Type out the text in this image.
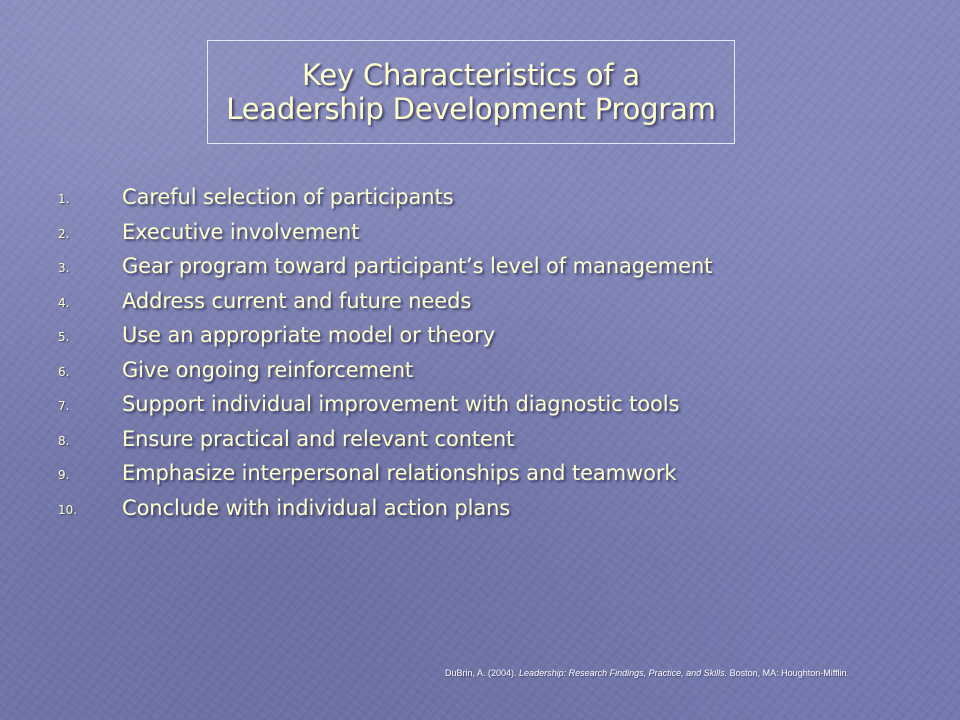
Key Characteristics of a
Leadership Development Program
1.	Careful selection of participants
2.	Executive involvement
3.	Gear program toward participant’s level of management
4.	Address current and future needs
5.	Use an appropriate model or theory
6.	Give ongoing reinforcement
7.	Support individual improvement with diagnostic tools
8.	Ensure practical and relevant content
9.	Emphasize interpersonal relationships and teamwork
10. Conclude with individual action plans
DuBrin, A. (2004). Leadership: Research Findings, Practice, and Skills. Boston, MA: Houghton-Mifflin.
